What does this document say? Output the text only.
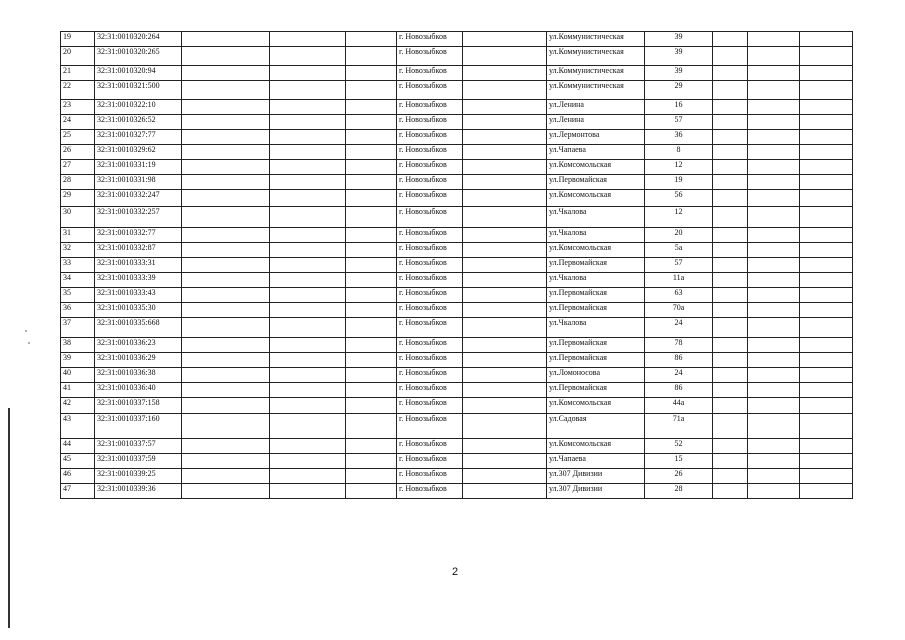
19	32:31:0010320:264				г. Новозыбков		ул.Коммунистическая	39			
20	32:31:0010320:265				г. Новозыбков		ул.Коммунистическая	39			
21	32:31:0010320:94				г. Новозыбков		ул.Коммунистическая	39			
22	32:31:0010321:500				г. Новозыбков		ул.Коммунистическая	29			
23	32:31:0010322:10				г. Новозыбков		ул.Ленина	16			
24	32:31:0010326:52				г. Новозыбков		ул.Ленина	57			
25	32:31:0010327:77				г. Новозыбков		ул.Лермонтова	36			
26	32:31:0010329:62				г. Новозыбков		ул.Чапаева	8			
27	32:31:0010331:19				г. Новозыбков		ул.Комсомольская	12			
28	32:31:0010331:98				г. Новозыбков		ул.Первомайская	19			
29	32:31:0010332:247				г. Новозыбков		ул.Комсомольская	56			
30	32:31:0010332:257				г. Новозыбков		ул.Чкалова	12			
31	32:31:0010332:77				г. Новозыбков		ул.Чкалова	20			
32	32:31:0010332:87				г. Новозыбков		ул.Комсомольская	5а			
33	32:31:0010333:31				г. Новозыбков		ул.Первомайская	57			
34	32:31:0010333:39				г. Новозыбков		ул.Чкалова	11а			
35	32:31:0010333:43				г. Новозыбков		ул.Первомайская	63			
36	32:31:0010335:30				г. Новозыбков		ул.Первомайская	70а			
37	32:31:0010335:668				г. Новозыбков		ул.Чкалова	24			
38	32:31:0010336:23				г. Новозыбков		ул.Первомайская	78			
39	32:31:0010336:29				г. Новозыбков		ул.Первомайская	86			
40	32:31:0010336:38				г. Новозыбков		ул.Ломоносова	24			
41	32:31:0010336:40				г. Новозыбков		ул.Первомайская	86			
42	32:31:0010337:158				г. Новозыбков		ул.Комсомольская	44а			
43	32:31:0010337:160				г. Новозыбков		ул.Садовая	71а			
44	32:31:0010337:57				г. Новозыбков		ул.Комсомольская	52			
45	32:31:0010337:59				г. Новозыбков		ул.Чапаева	15			
46	32:31:0010339:25				г. Новозыбков		ул.307 Дивизии	26			
47	32:31:0010339:36				г. Новозыбков		ул.307 Дивизии	28			
2
